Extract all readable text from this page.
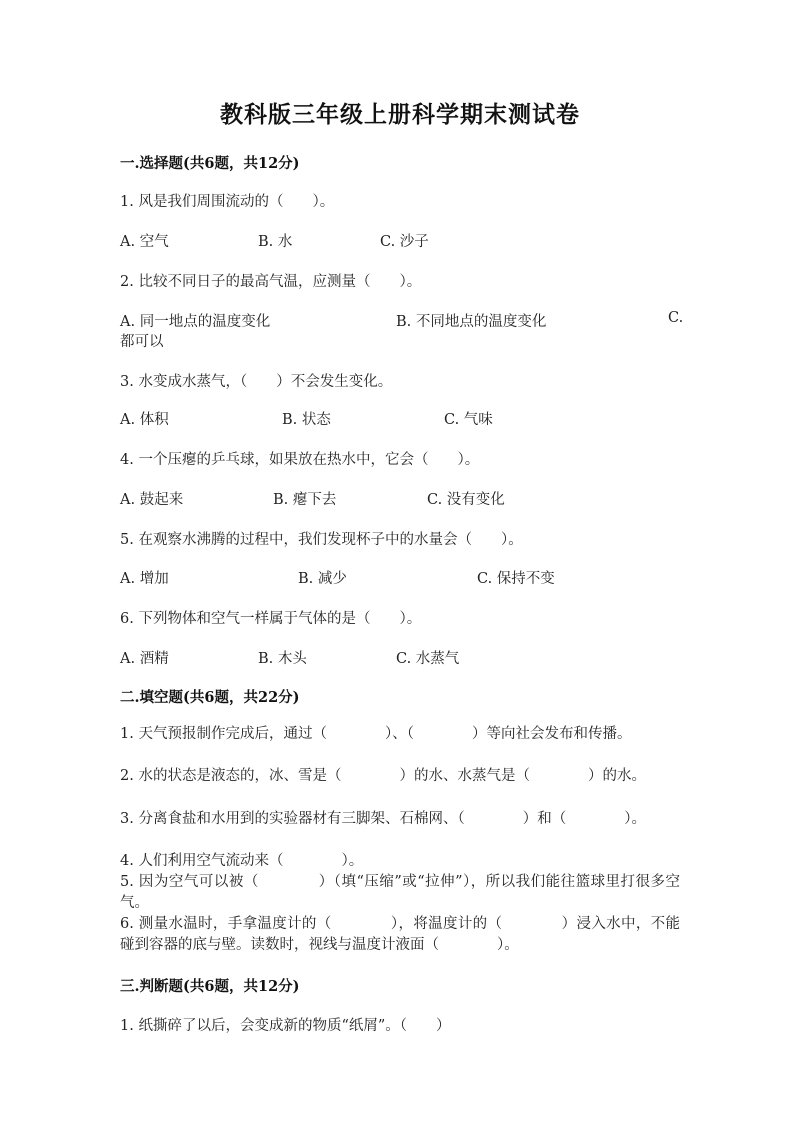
教科版三年级上册科学期末测试卷
一.选择题(共6题，共12分)
1. 风是我们周围流动的（　　）。
A. 空气	B. 水	C. 沙子
2. 比较不同日子的最高气温，应测量（　　）。
A. 同一地点的温度变化	B. 不同地点的温度变化	C.
都可以
3. 水变成水蒸气，（　　）不会发生变化。
A. 体积	B. 状态	C. 气味
4. 一个压瘪的乒乓球，如果放在热水中，它会（　　）。
A. 鼓起来	B. 瘪下去	C. 没有变化
5. 在观察水沸腾的过程中，我们发现杯子中的水量会（　　）。
A. 增加	B. 减少	C. 保持不变
6. 下列物体和空气一样属于气体的是（　　）。
A. 酒精	B. 木头	C. 水蒸气
二.填空题(共6题，共22分)
1. 天气预报制作完成后，通过（　　　　）、（　　　　）等向社会发布和传播。
2. 水的状态是液态的，冰、雪是（　　　　）的水、水蒸气是（　　　　）的水。
3. 分离食盐和水用到的实验器材有三脚架、石棉网、（　　　　）和（　　　　）。
4. 人们利用空气流动来（　　　　）。
5. 因为空气可以被（　　　　）（填“压缩”或“拉伸”），所以我们能往篮球里打很多空气。
6. 测量水温时，手拿温度计的（　　　　），将温度计的（　　　　）浸入水中，不能碰到容器的底与壁。读数时，视线与温度计液面（　　　　）。
三.判断题(共6题，共12分)
1. 纸撕碎了以后，会变成新的物质“纸屑”。（　　）
